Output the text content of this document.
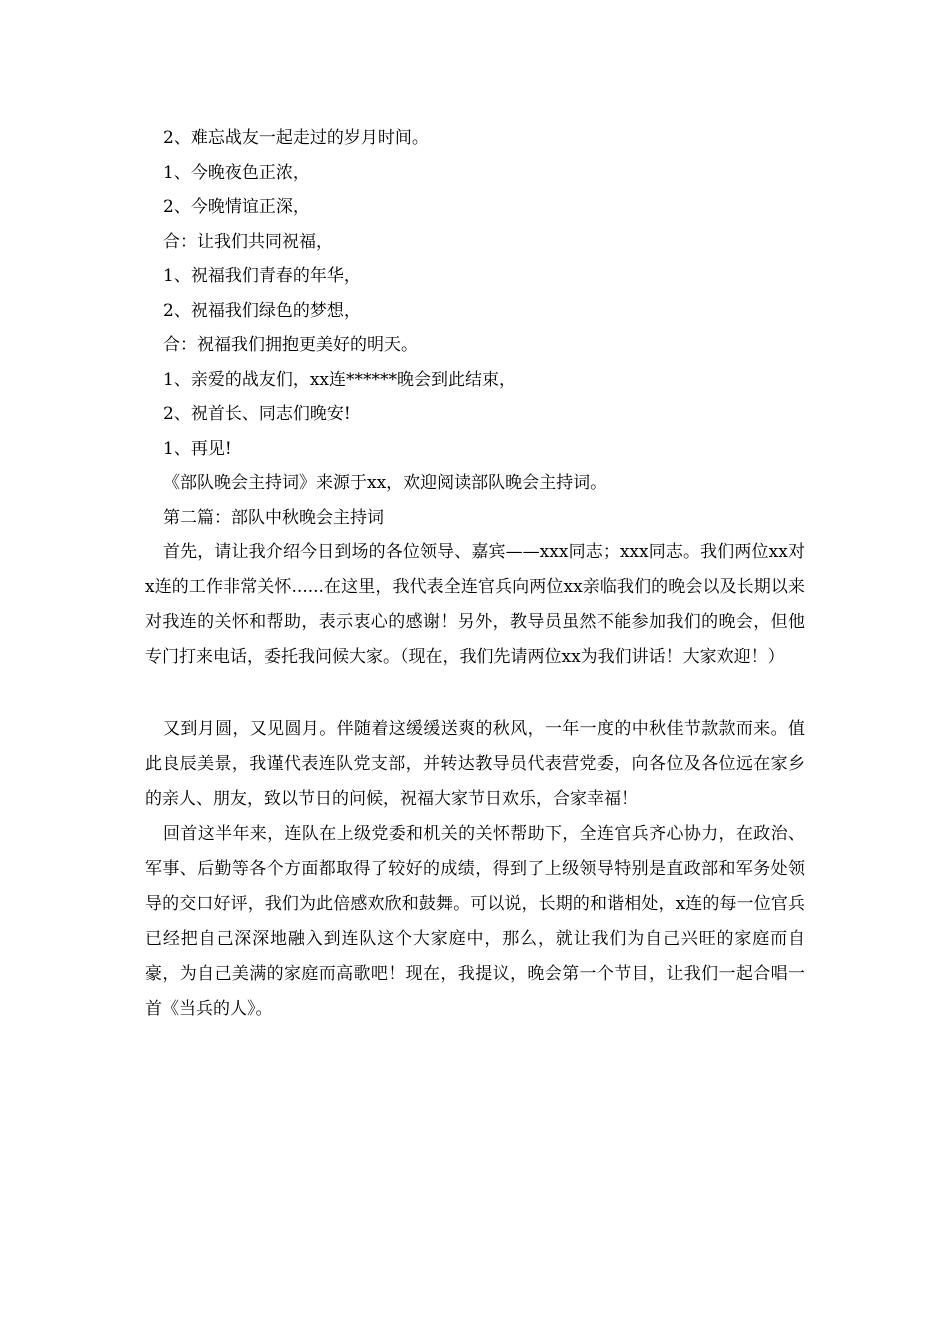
2、难忘战友一起走过的岁月时间。
1、今晚夜色正浓，
2、今晚情谊正深，
合：让我们共同祝福，
1、祝福我们青春的年华，
2、祝福我们绿色的梦想，
合：祝福我们拥抱更美好的明天。
1、亲爱的战友们，xx连******晚会到此结束，
2、祝首长、同志们晚安!
1、再见!
《部队晚会主持词》来源于xx，欢迎阅读部队晚会主持词。
第二篇：部队中秋晚会主持词

首先，请让我介绍今日到场的各位领导、嘉宾——xxx同志；xxx同志。我们两位xx对x连的工作非常关怀......在这里，我代表全连官兵向两位xx亲临我们的晚会以及长期以来对我连的关怀和帮助，表示衷心的感谢！另外，教导员虽然不能参加我们的晚会，但他专门打来电话，委托我问候大家。（现在，我们先请两位xx为我们讲话！大家欢迎！）

又到月圆，又见圆月。伴随着这缓缓送爽的秋风，一年一度的中秋佳节款款而来。值此良辰美景，我谨代表连队党支部，并转达教导员代表营党委，向各位及各位远在家乡的亲人、朋友，致以节日的问候，祝福大家节日欢乐，合家幸福！

回首这半年来，连队在上级党委和机关的关怀帮助下，全连官兵齐心协力，在政治、军事、后勤等各个方面都取得了较好的成绩，得到了上级领导特别是直政部和军务处领导的交口好评，我们为此倍感欢欣和鼓舞。可以说，长期的和谐相处，x连的每一位官兵已经把自己深深地融入到连队这个大家庭中，那么，就让我们为自己兴旺的家庭而自豪，为自己美满的家庭而高歌吧！现在，我提议，晚会第一个节目，让我们一起合唱一首《当兵的人》。
